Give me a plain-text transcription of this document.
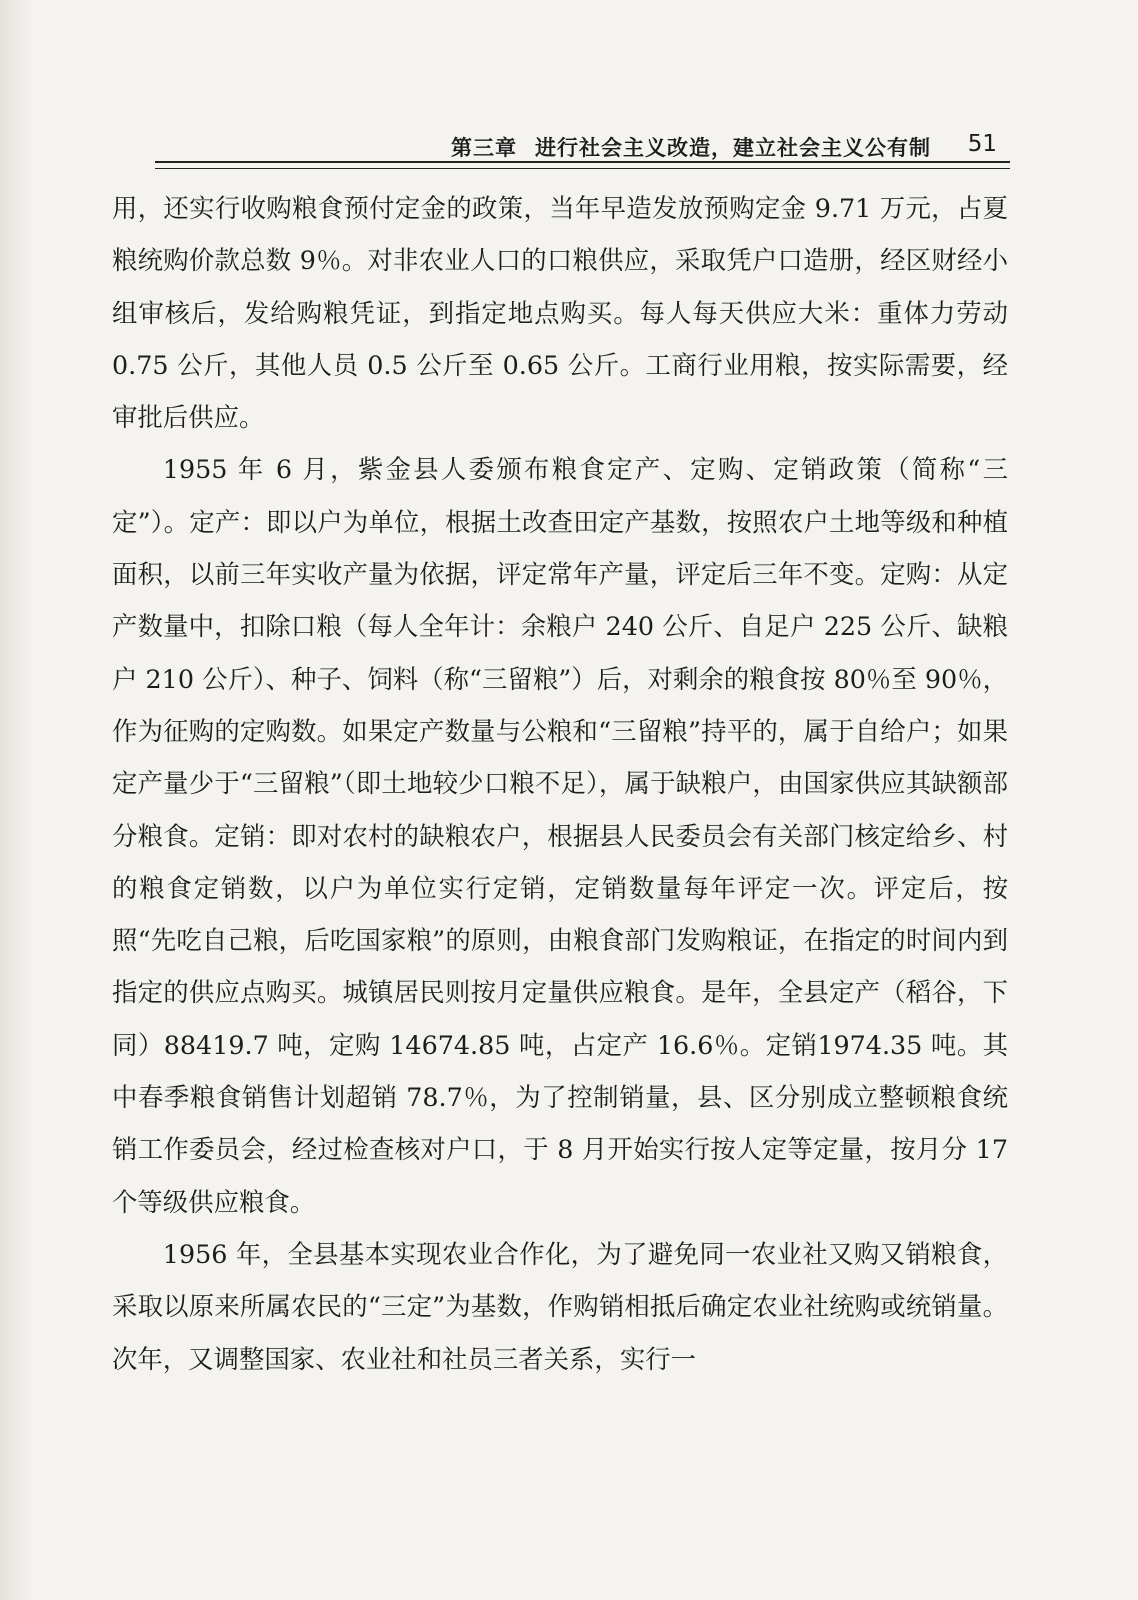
第三章 进行社会主义改造，建立社会主义公有制 51

用，还实行收购粮食预付定金的政策，当年早造发放预购定金 9.71 万元，占夏粮统购价款总数 9％。对非农业人口的口粮供应，采取凭户口造册，经区财经小组审核后，发给购粮凭证，到指定地点购买。每人每天供应大米：重体力劳动 0.75 公斤，其他人员 0.5 公斤至 0.65 公斤。工商行业用粮，按实际需要，经审批后供应。

1955 年 6 月，紫金县人委颁布粮食定产、定购、定销政策（简称“三定”）。定产：即以户为单位，根据土改查田定产基数，按照农户土地等级和种植面积，以前三年实收产量为依据，评定常年产量，评定后三年不变。定购：从定产数量中，扣除口粮（每人全年计：余粮户 240 公斤、自足户 225 公斤、缺粮户 210 公斤）、种子、饲料（称“三留粮”）后，对剩余的粮食按 80％至 90％，作为征购的定购数。如果定产数量与公粮和“三留粮”持平的，属于自给户；如果定产量少于“三留粮”（即土地较少口粮不足），属于缺粮户，由国家供应其缺额部分粮食。定销：即对农村的缺粮农户，根据县人民委员会有关部门核定给乡、村的粮食定销数，以户为单位实行定销，定销数量每年评定一次。评定后，按照“先吃自己粮，后吃国家粮”的原则，由粮食部门发购粮证，在指定的时间内到指定的供应点购买。城镇居民则按月定量供应粮食。是年，全县定产（稻谷，下同）88419.7 吨，定购 14674.85 吨，占定产 16.6％。定销1974.35 吨。其中春季粮食销售计划超销 78.7％，为了控制销量，县、区分别成立整顿粮食统销工作委员会，经过检查核对户口，于 8 月开始实行按人定等定量，按月分 17 个等级供应粮食。

1956 年，全县基本实现农业合作化，为了避免同一农业社又购又销粮食，采取以原来所属农民的“三定”为基数，作购销相抵后确定农业社统购或统销量。次年，又调整国家、农业社和社员三者关系，实行一
